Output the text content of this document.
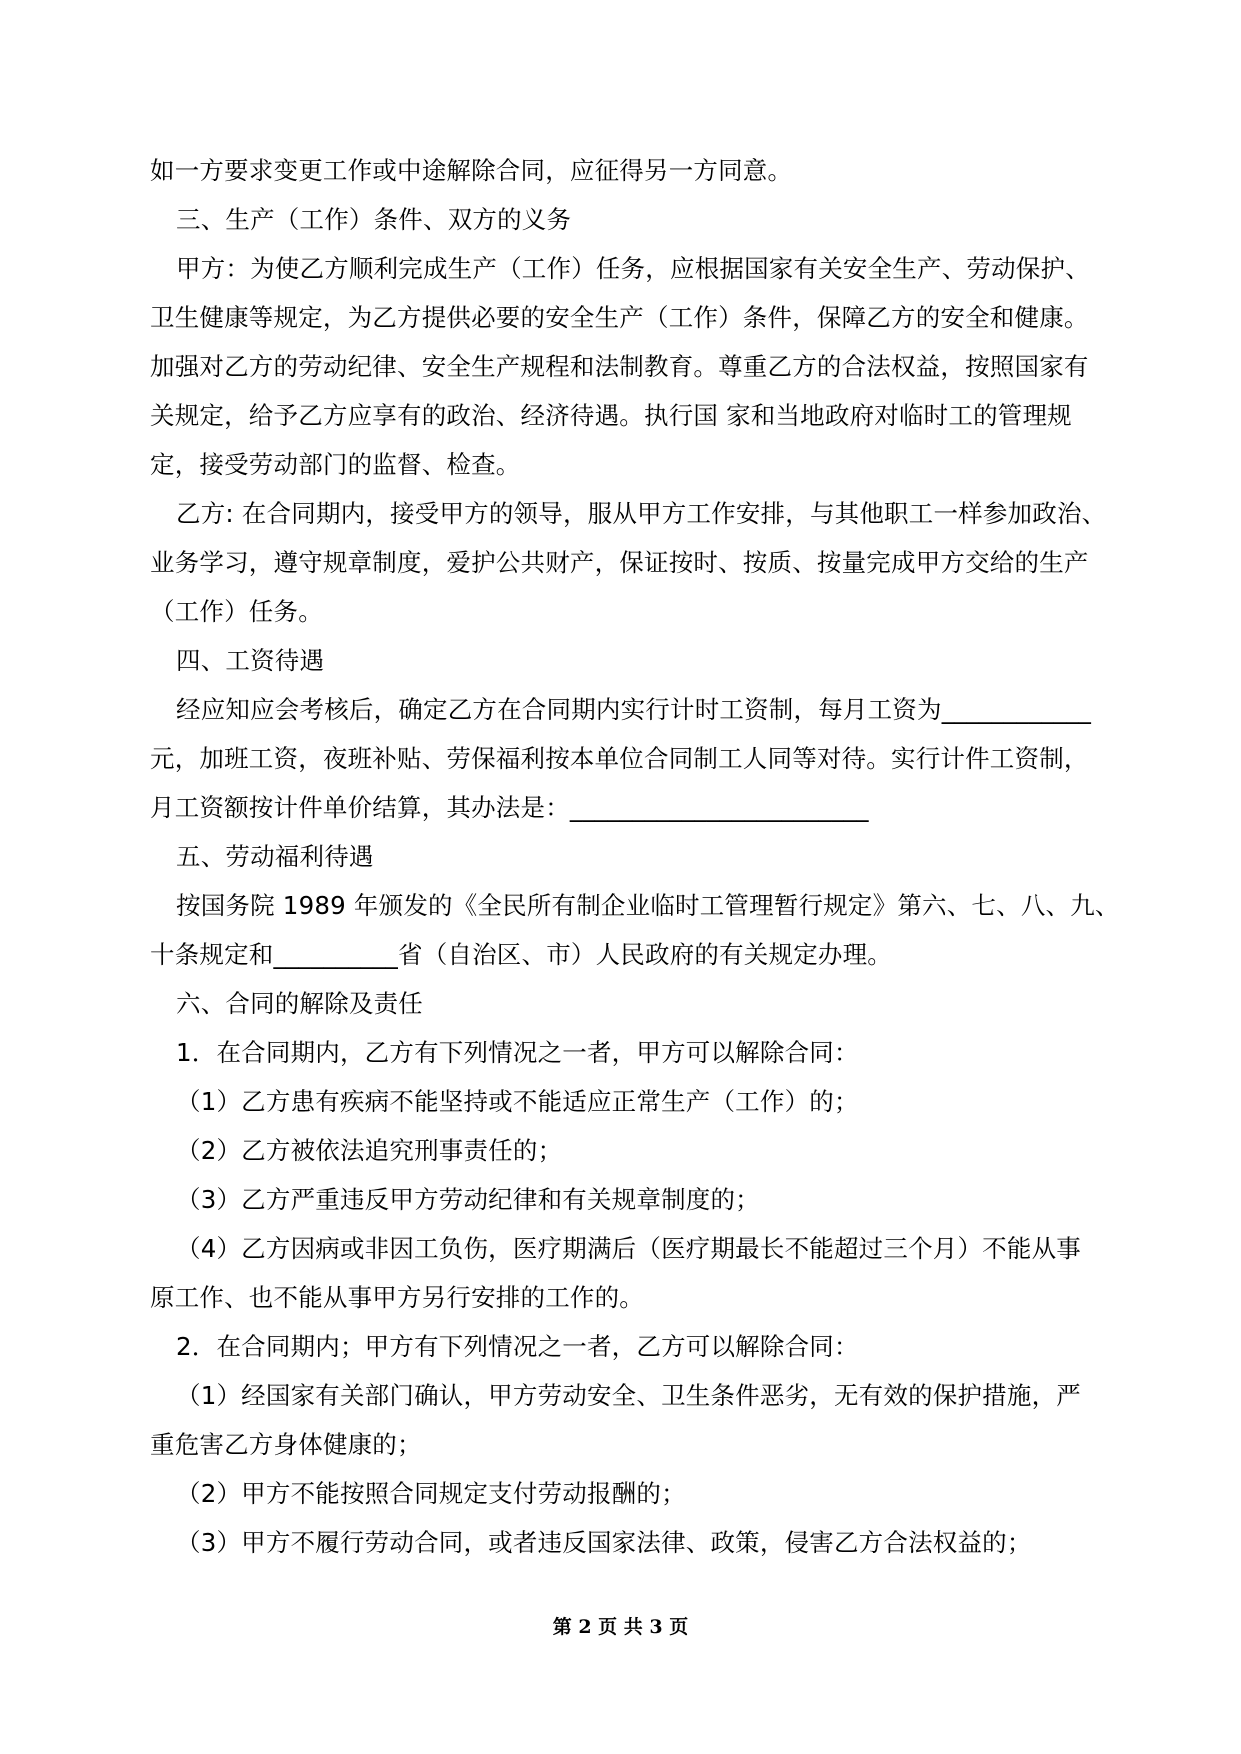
如一方要求变更工作或中途解除合同，应征得另一方同意。
三、生产（工作）条件、双方的义务
甲方：为使乙方顺利完成生产（工作）任务，应根据国家有关安全生产、劳动保护、
卫生健康等规定，为乙方提供必要的安全生产（工作）条件，保障乙方的安全和健康。
加强对乙方的劳动纪律、安全生产规程和法制教育。尊重乙方的合法权益，按照国家有
关规定，给予乙方应享有的政治、经济待遇。执行国 家和当地政府对临时工的管理规
定，接受劳动部门的监督、检查。
乙方: 在合同期内，接受甲方的领导，服从甲方工作安排，与其他职工一样参加政治、
业务学习，遵守规章制度，爱护公共财产，保证按时、按质、按量完成甲方交给的生产
（工作）任务。
四、工资待遇
经应知应会考核后，确定乙方在合同期内实行计时工资制，每月工资为____________
元，加班工资，夜班补贴、劳保福利按本单位合同制工人同等对待。实行计件工资制，
月工资额按计件单价结算，其办法是：________________________
五、劳动福利待遇
按国务院 1989 年颁发的《全民所有制企业临时工管理暂行规定》第六、七、八、九、
十条规定和__________省（自治区、市）人民政府的有关规定办理。
六、合同的解除及责任
1．在合同期内，乙方有下列情况之一者，甲方可以解除合同：
（1）乙方患有疾病不能坚持或不能适应正常生产（工作）的；
（2）乙方被依法追究刑事责任的；
（3）乙方严重违反甲方劳动纪律和有关规章制度的；
（4）乙方因病或非因工负伤，医疗期满后（医疗期最长不能超过三个月）不能从事
原工作、也不能从事甲方另行安排的工作的。
2．在合同期内；甲方有下列情况之一者，乙方可以解除合同：
（1）经国家有关部门确认，甲方劳动安全、卫生条件恶劣，无有效的保护措施，严
重危害乙方身体健康的；
（2）甲方不能按照合同规定支付劳动报酬的；
（3）甲方不履行劳动合同，或者违反国家法律、政策，侵害乙方合法权益的；
第 2 页 共 3 页
